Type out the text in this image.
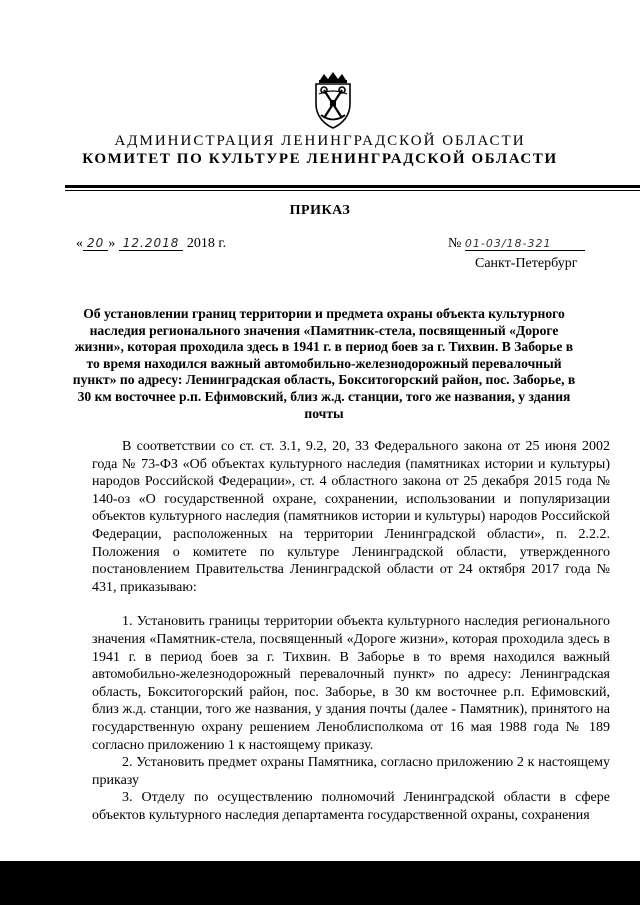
АДМИНИСТРАЦИЯ ЛЕНИНГРАДСКОЙ ОБЛАСТИ
КОМИТЕТ ПО КУЛЬТУРЕ ЛЕНИНГРАДСКОЙ ОБЛАСТИ
ПРИКАЗ
« 20 » 12.2018 2018 г.	№ 01-03/18-321
Санкт-Петербург
Об установлении границ территории и предмета охраны объекта культурного наследия регионального значения «Памятник-стела, посвященный «Дороге жизни», которая проходила здесь в 1941 г. в период боев за г. Тихвин. В Заборье в то время находился важный автомобильно-железнодорожный перевалочный пункт» по адресу: Ленинградская область, Бокситогорский район, пос. Заборье, в 30 км восточнее р.п. Ефимовский, близ ж.д. станции, того же названия, у здания почты

В соответствии со ст. ст. 3.1, 9.2, 20, 33 Федерального закона от 25 июня 2002 года № 73-ФЗ «Об объектах культурного наследия (памятниках истории и культуры) народов Российской Федерации», ст. 4 областного закона от 25 декабря 2015 года № 140-оз «О государственной охране, сохранении, использовании и популяризации объектов культурного наследия (памятников истории и культуры) народов Российской Федерации, расположенных на территории Ленинградской области», п. 2.2.2. Положения о комитете по культуре Ленинградской области, утвержденного постановлением Правительства Ленинградской области от 24 октября 2017 года № 431, приказываю:

1. Установить границы территории объекта культурного наследия регионального значения «Памятник-стела, посвященный «Дороге жизни», которая проходила здесь в 1941 г. в период боев за г. Тихвин. В Заборье в то время находился важный автомобильно-железнодорожный перевалочный пункт» по адресу: Ленинградская область, Бокситогорский район, пос. Заборье, в 30 км восточнее р.п. Ефимовский, близ ж.д. станции, того же названия, у здания почты (далее - Памятник), принятого на государственную охрану решением Леноблисполкома от 16 мая 1988 года № 189 согласно приложению 1 к настоящему приказу.

2. Установить предмет охраны Памятника, согласно приложению 2 к настоящему приказу

3. Отделу по осуществлению полномочий Ленинградской области в сфере объектов культурного наследия департамента государственной охраны, сохранения
